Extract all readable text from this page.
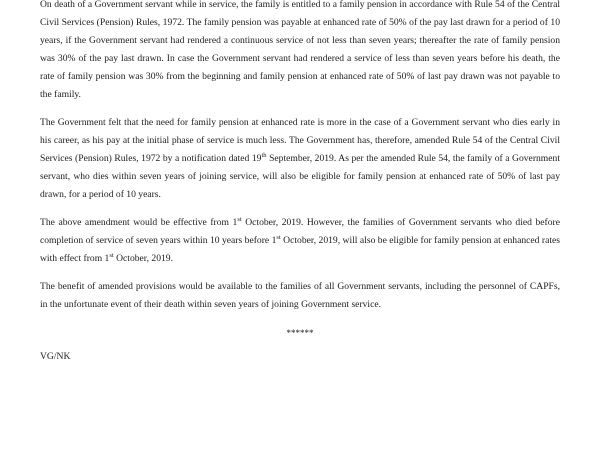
On death of a Government servant while in service, the family is entitled to a family pension in accordance with Rule 54 of the Central Civil Services (Pension) Rules, 1972. The family pension was payable at enhanced rate of 50% of the pay last drawn for a period of 10 years, if the Government servant had rendered a continuous service of not less than seven years; thereafter the rate of family pension was 30% of the pay last drawn. In case the Government servant had rendered a service of less than seven years before his death, the rate of family pension was 30% from the beginning and family pension at enhanced rate of 50% of last pay drawn was not payable to the family.

The Government felt that the need for family pension at enhanced rate is more in the case of a Government servant who dies early in his career, as his pay at the initial phase of service is much less. The Government has, therefore, amended Rule 54 of the Central Civil Services (Pension) Rules, 1972 by a notification dated 19th September, 2019. As per the amended Rule 54, the family of a Government servant, who dies within seven years of joining service, will also be eligible for family pension at enhanced rate of 50% of last pay drawn, for a period of 10 years.

The above amendment would be effective from 1st October, 2019. However, the families of Government servants who died before completion of service of seven years within 10 years before 1st October, 2019, will also be eligible for family pension at enhanced rates with effect from 1st October, 2019.

The benefit of amended provisions would be available to the families of all Government servants, including the personnel of CAPFs, in the unfortunate event of their death within seven years of joining Government service.

******

VG/NK
